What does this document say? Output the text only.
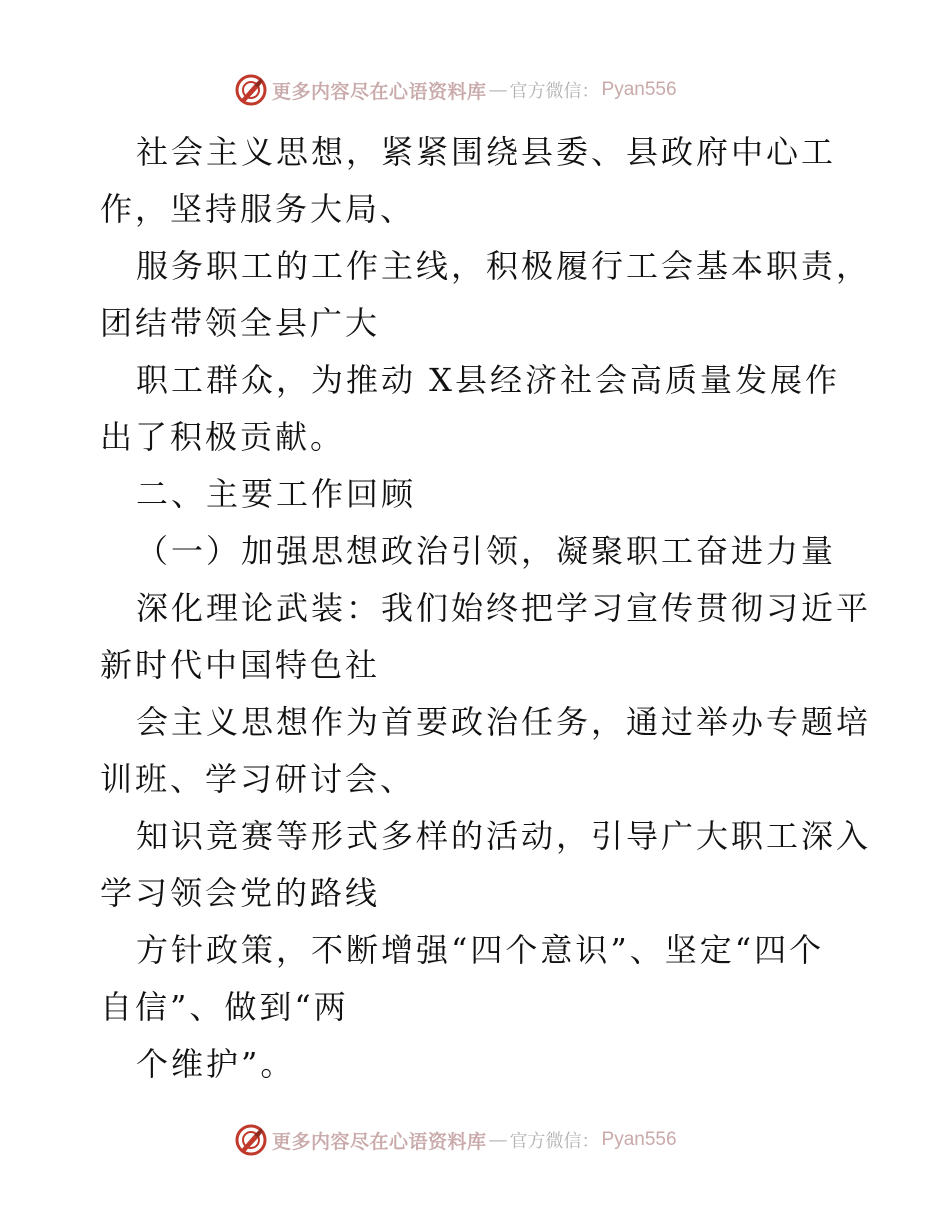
更多内容尽在心语资料库 — 官方微信： Pyan556
社会主义思想，紧紧围绕县委、县政府中心工
作，坚持服务大局、
服务职工的工作主线，积极履行工会基本职责，
团结带领全县广大
职工群众，为推动 X县经济社会高质量发展作
出了积极贡献。
二、主要工作回顾
（一）加强思想政治引领，凝聚职工奋进力量
深化理论武装：我们始终把学习宣传贯彻习近平
新时代中国特色社
会主义思想作为首要政治任务，通过举办专题培
训班、学习研讨会、
知识竞赛等形式多样的活动，引导广大职工深入
学习领会党的路线
方针政策，不断增强“四个意识”、坚定“四个
自信”、做到“两
个维护”。
更多内容尽在心语资料库 — 官方微信： Pyan556
